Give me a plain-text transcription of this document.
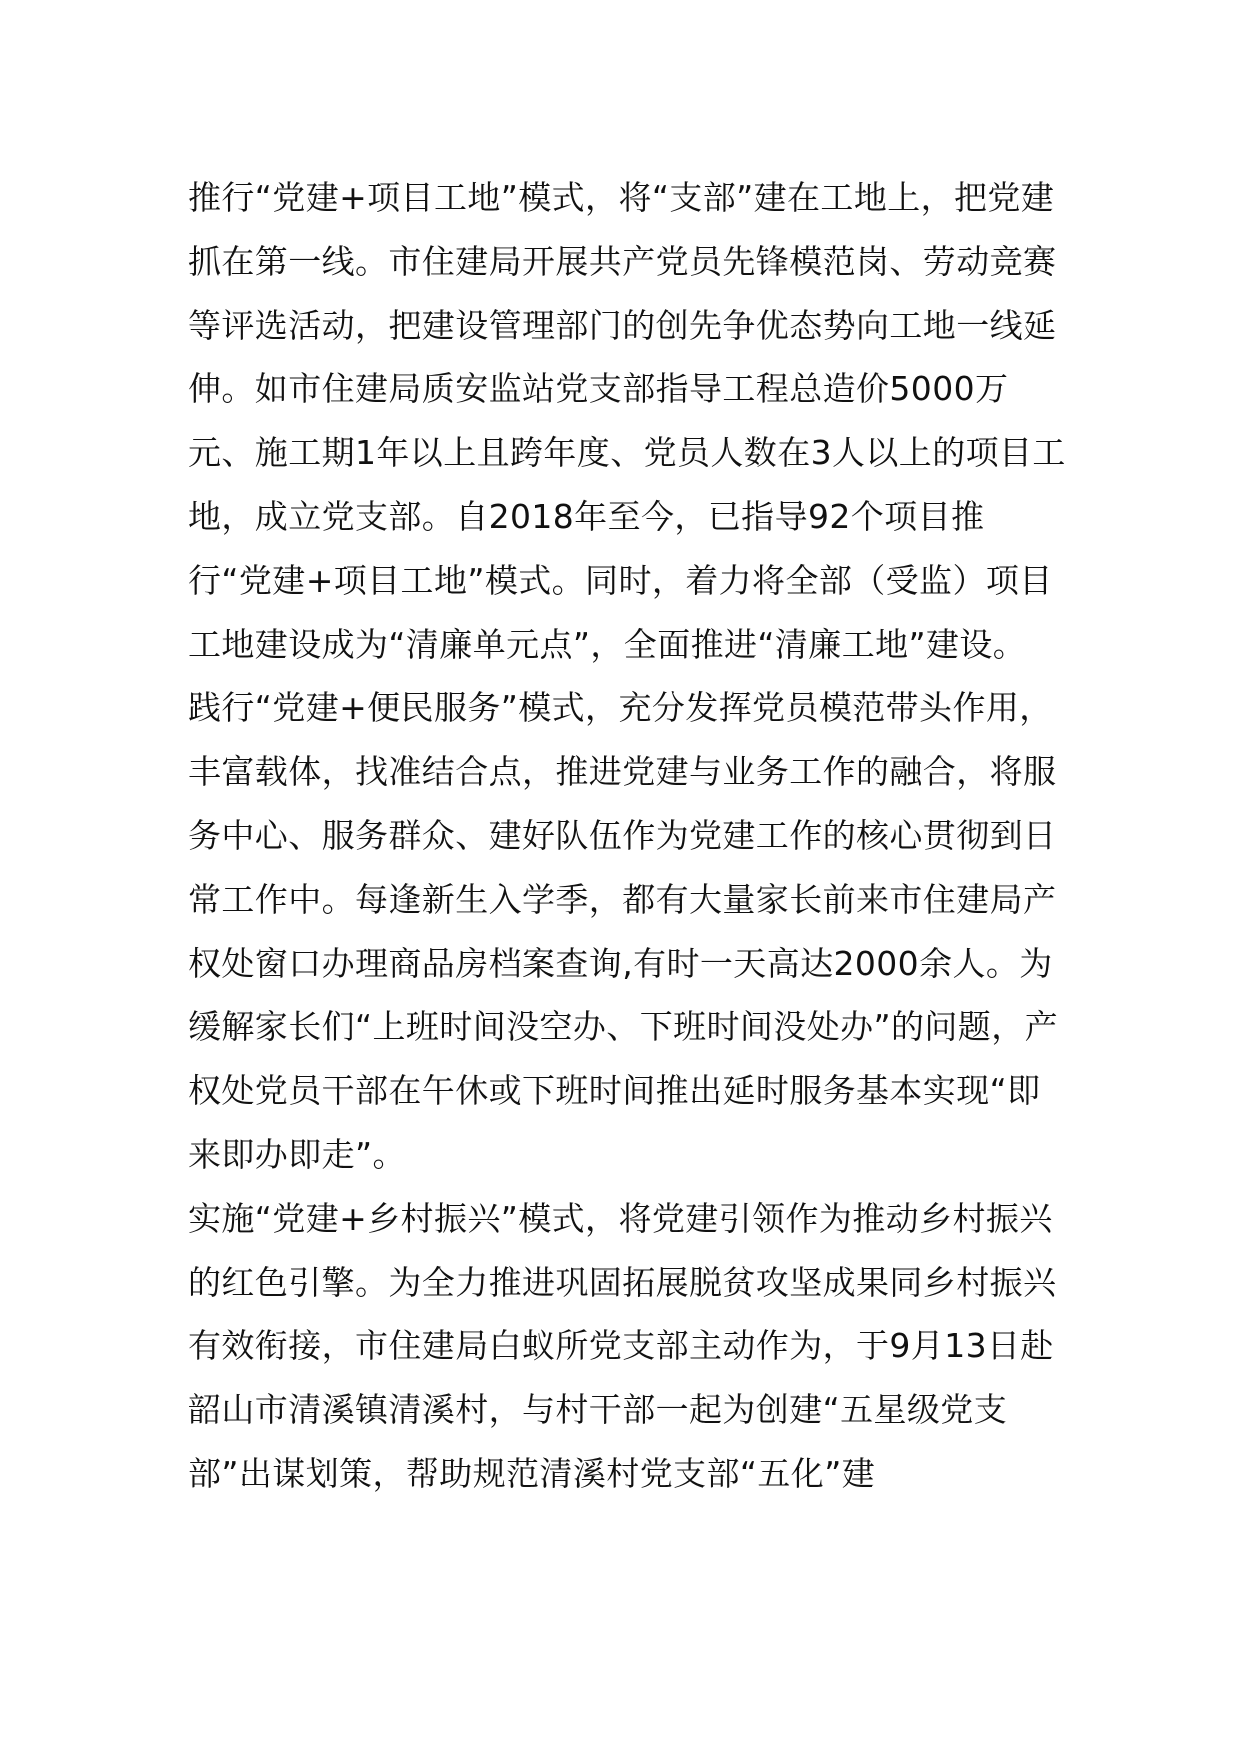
推行“党建+项目工地”模式，将“支部”建在工地上，把党建抓在第一线。市住建局开展共产党员先锋模范岗、劳动竞赛等评选活动，把建设管理部门的创先争优态势向工地一线延伸。如市住建局质安监站党支部指导工程总造价5000万元、施工期1年以上且跨年度、党员人数在3人以上的项目工地，成立党支部。自2018年至今，已指导92个项目推行“党建+项目工地”模式。同时，着力将全部（受监）项目工地建设成为“清廉单元点”，全面推进“清廉工地”建设。

践行“党建+便民服务”模式，充分发挥党员模范带头作用，丰富载体，找准结合点，推进党建与业务工作的融合，将服务中心、服务群众、建好队伍作为党建工作的核心贯彻到日常工作中。每逢新生入学季，都有大量家长前来市住建局产权处窗口办理商品房档案查询,有时一天高达2000余人。为缓解家长们“上班时间没空办、下班时间没处办”的问题，产权处党员干部在午休或下班时间推出延时服务基本实现“即来即办即走”。

实施“党建+乡村振兴”模式，将党建引领作为推动乡村振兴的红色引擎。为全力推进巩固拓展脱贫攻坚成果同乡村振兴有效衔接，市住建局白蚁所党支部主动作为，于9月13日赴韶山市清溪镇清溪村，与村干部一起为创建“五星级党支部”出谋划策，帮助规范清溪村党支部“五化”建
